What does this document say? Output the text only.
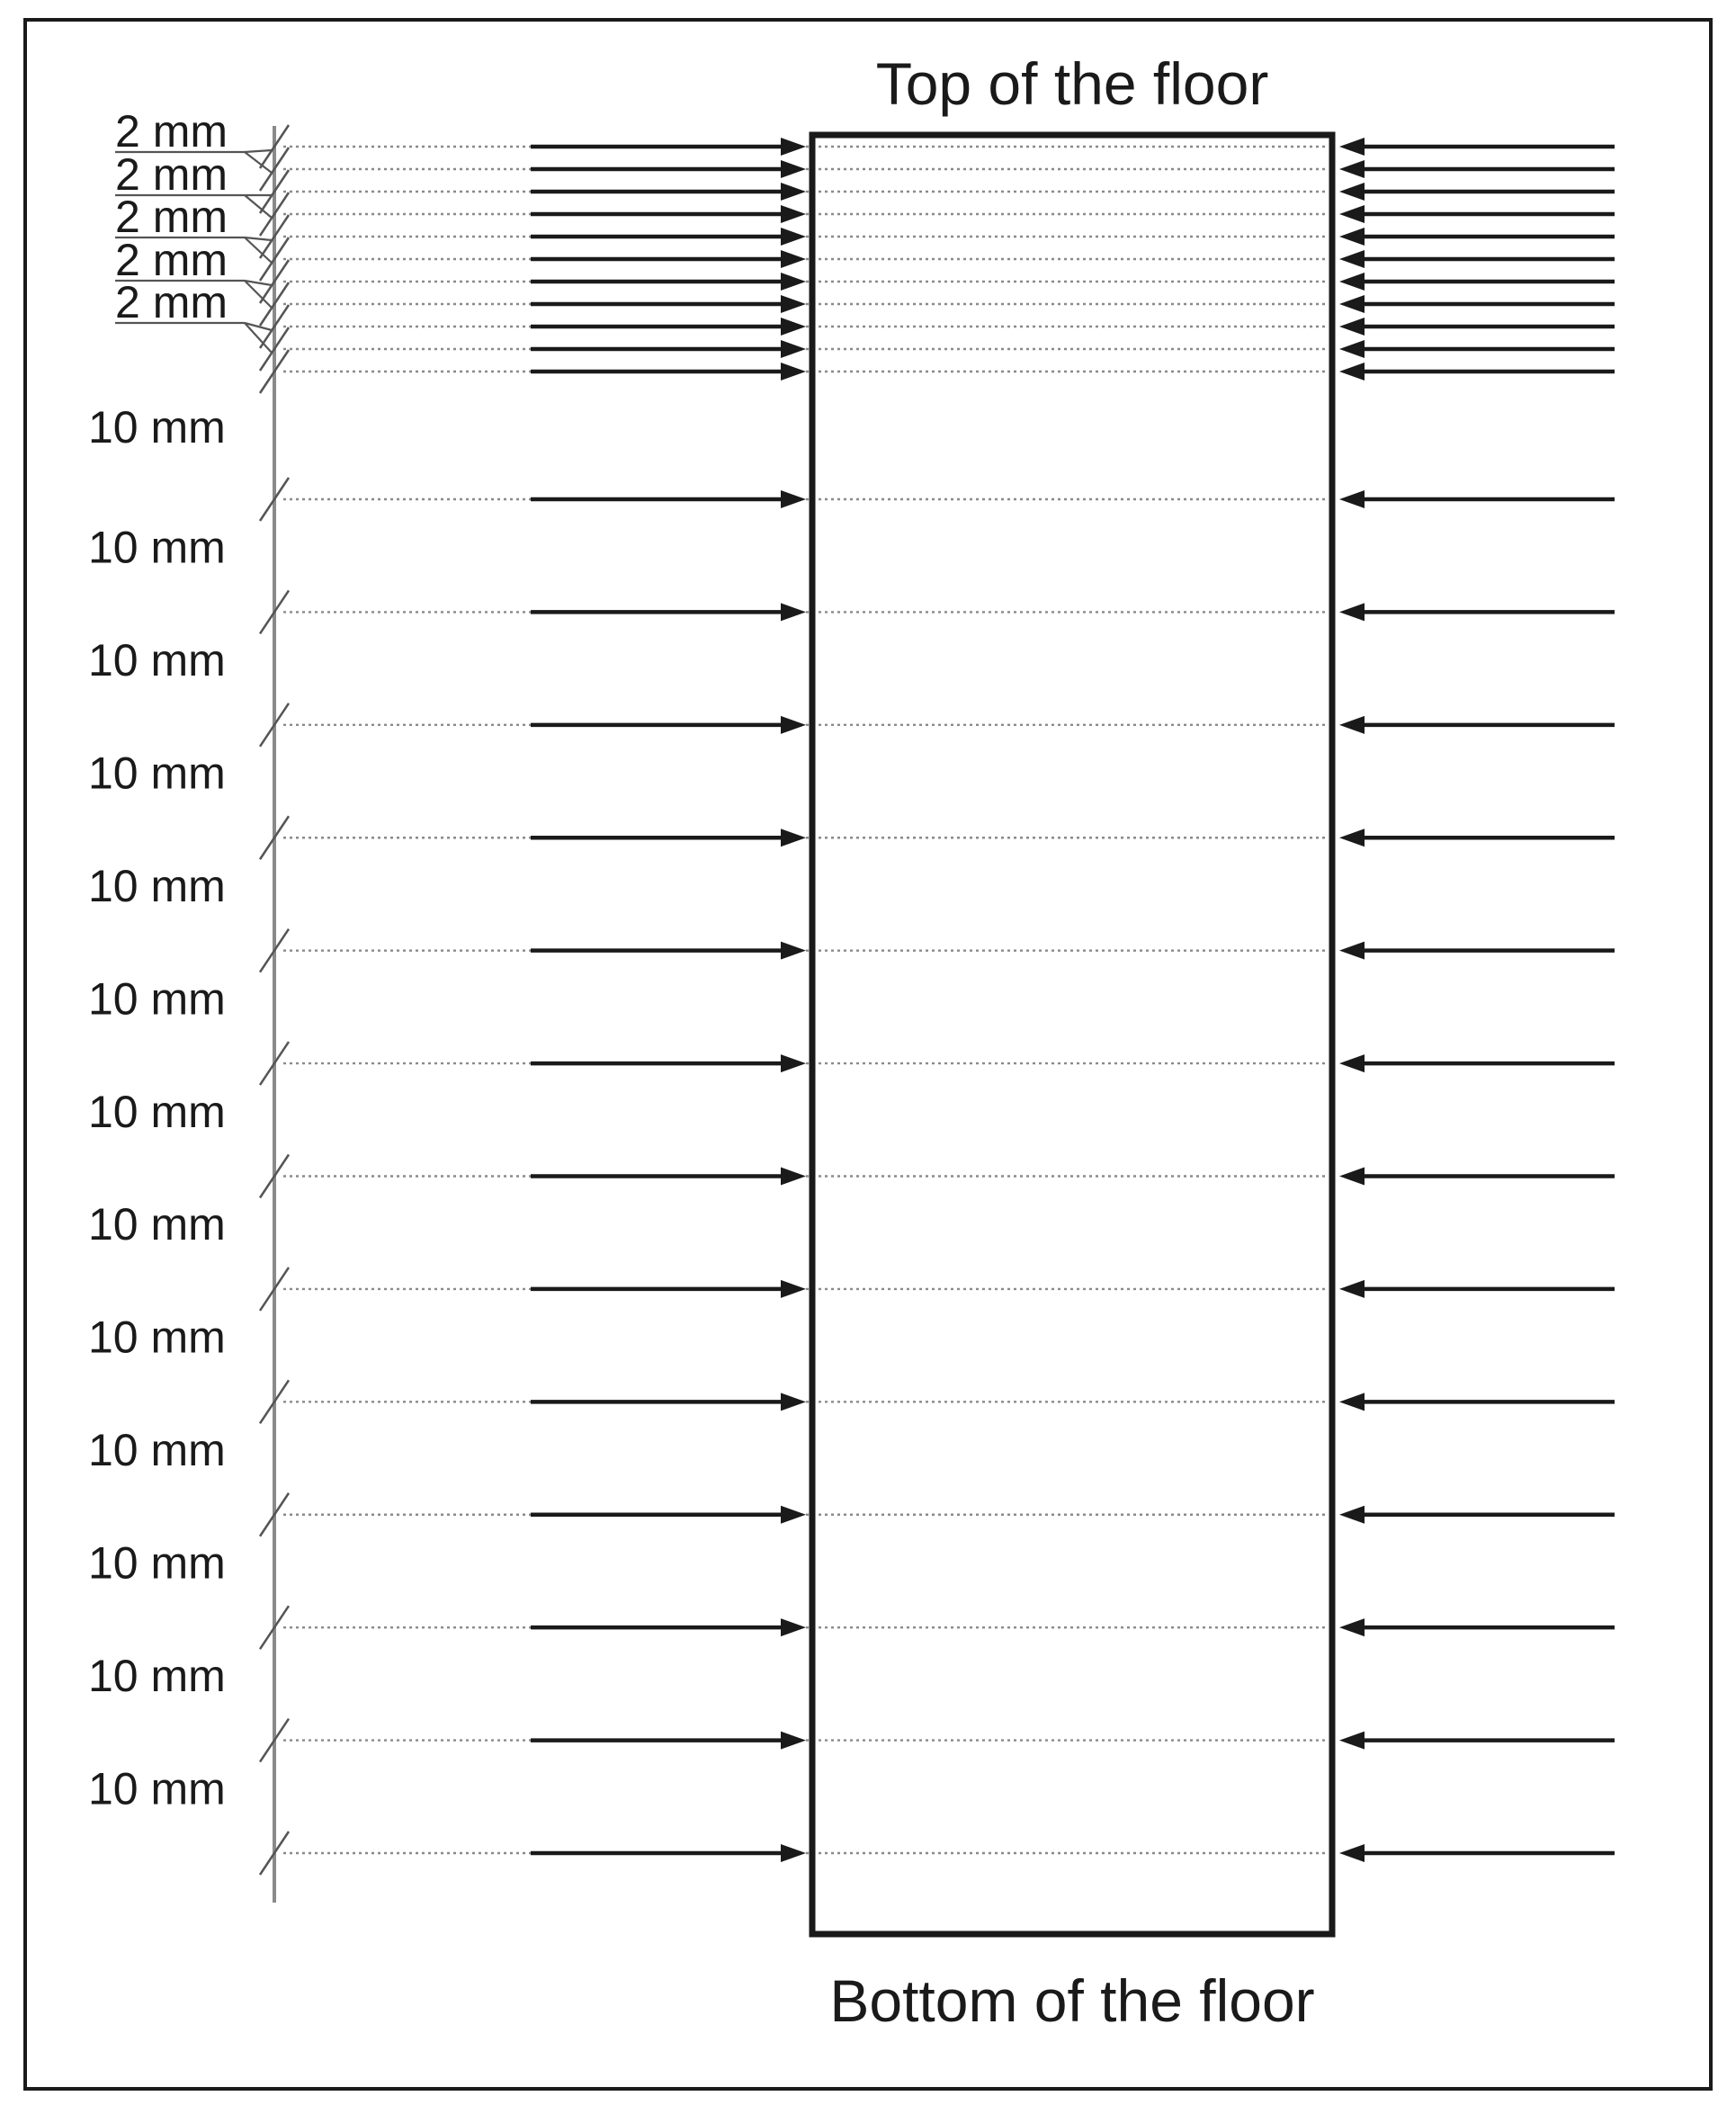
Top of the floor
Bottom of the floor
2 mm
2 mm
2 mm
2 mm
2 mm
10 mm
10 mm
10 mm
10 mm
10 mm
10 mm
10 mm
10 mm
10 mm
10 mm
10 mm
10 mm
10 mm
